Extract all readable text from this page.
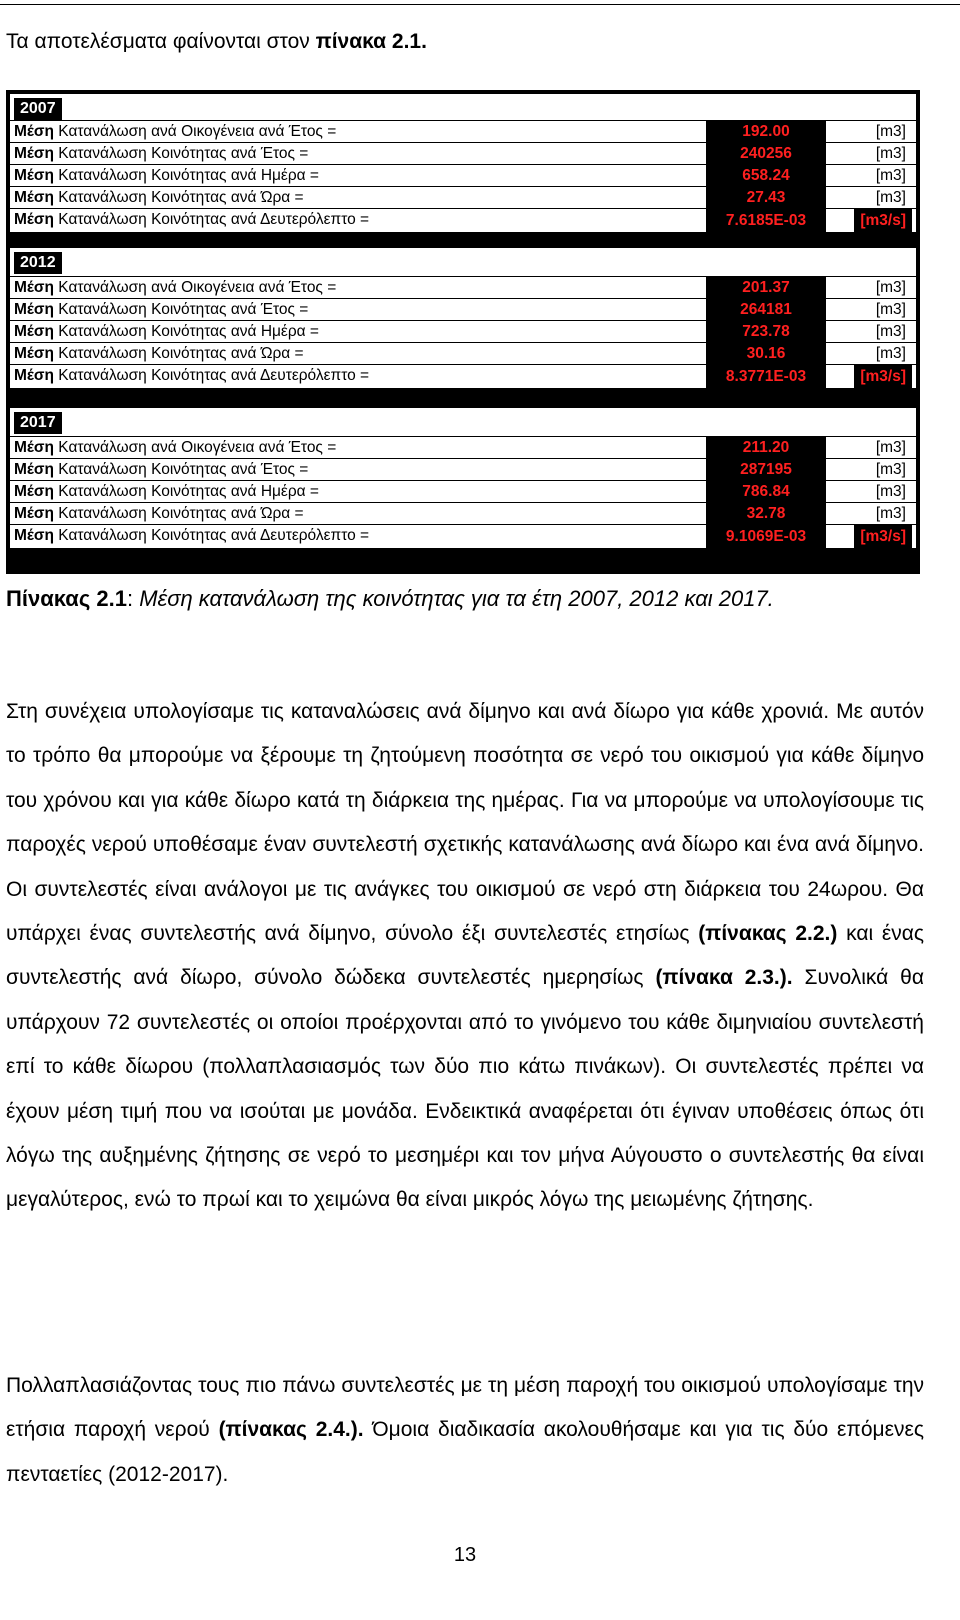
Τα αποτελέσματα φαίνονται στον πίνακα 2.1.
2007
Μέση Κατανάλωση ανά Οικογένεια ανά Έτος =	192.00	[m3]
Μέση Κατανάλωση Κοινότητας ανά Έτος =	240256	[m3]
Μέση Κατανάλωση Κοινότητας ανά Ημέρα =	658.24	[m3]
Μέση Κατανάλωση Κοινότητας ανά Ώρα =	27.43	[m3]
Μέση Κατανάλωση Κοινότητας ανά Δευτερόλεπτο =	7.6185E-03	[m3/s]
2012
Μέση Κατανάλωση ανά Οικογένεια ανά Έτος =	201.37	[m3]
Μέση Κατανάλωση Κοινότητας ανά Έτος =	264181	[m3]
Μέση Κατανάλωση Κοινότητας ανά Ημέρα =	723.78	[m3]
Μέση Κατανάλωση Κοινότητας ανά Ώρα =	30.16	[m3]
Μέση Κατανάλωση Κοινότητας ανά Δευτερόλεπτο =	8.3771E-03	[m3/s]
2017
Μέση Κατανάλωση ανά Οικογένεια ανά Έτος =	211.20	[m3]
Μέση Κατανάλωση Κοινότητας ανά Έτος =	287195	[m3]
Μέση Κατανάλωση Κοινότητας ανά Ημέρα =	786.84	[m3]
Μέση Κατανάλωση Κοινότητας ανά Ώρα =	32.78	[m3]
Μέση Κατανάλωση Κοινότητας ανά Δευτερόλεπτο =	9.1069E-03	[m3/s]
Πίνακας 2.1: Μέση κατανάλωση της κοινότητας για τα έτη 2007, 2012 και 2017.
Στη συνέχεια υπολογίσαμε τις καταναλώσεις ανά δίμηνο και ανά δίωρο για κάθε χρονιά. Με αυτόν το τρόπο θα μπορούμε να ξέρουμε τη ζητούμενη ποσότητα σε νερό του οικισμού για κάθε δίμηνο του χρόνου και για κάθε δίωρο κατά τη διάρκεια της ημέρας. Για να μπορούμε να υπολογίσουμε τις παροχές νερού υποθέσαμε έναν συντελεστή σχετικής κατανάλωσης ανά δίωρο και ένα ανά δίμηνο. Οι συντελεστές είναι ανάλογοι με τις ανάγκες του οικισμού σε νερό στη διάρκεια του 24ωρου. Θα υπάρχει ένας συντελεστής ανά δίμηνο, σύνολο έξι συντελεστές ετησίως (πίνακας 2.2.) και ένας συντελεστής ανά δίωρο, σύνολο δώδεκα συντελεστές ημερησίως (πίνακα 2.3.). Συνολικά θα υπάρχουν 72 συντελεστές οι οποίοι προέρχονται από το γινόμενο του κάθε διμηνιαίου συντελεστή επί το κάθε δίωρου (πολλαπλασιασμός των δύο πιο κάτω πινάκων). Οι συντελεστές πρέπει να έχουν μέση τιμή που να ισούται με μονάδα. Ενδεικτικά αναφέρεται ότι έγιναν υποθέσεις όπως ότι λόγω της αυξημένης ζήτησης σε νερό το μεσημέρι και τον μήνα Αύγουστο ο συντελεστής θα είναι μεγαλύτερος, ενώ το πρωί και το χειμώνα θα είναι μικρός λόγω της μειωμένης ζήτησης.
Πολλαπλασιάζοντας τους πιο πάνω συντελεστές με τη μέση παροχή του οικισμού υπολογίσαμε την ετήσια παροχή νερού (πίνακας 2.4.). Όμοια διαδικασία ακολουθήσαμε και για τις δύο επόμενες πενταετίες (2012-2017).
13
